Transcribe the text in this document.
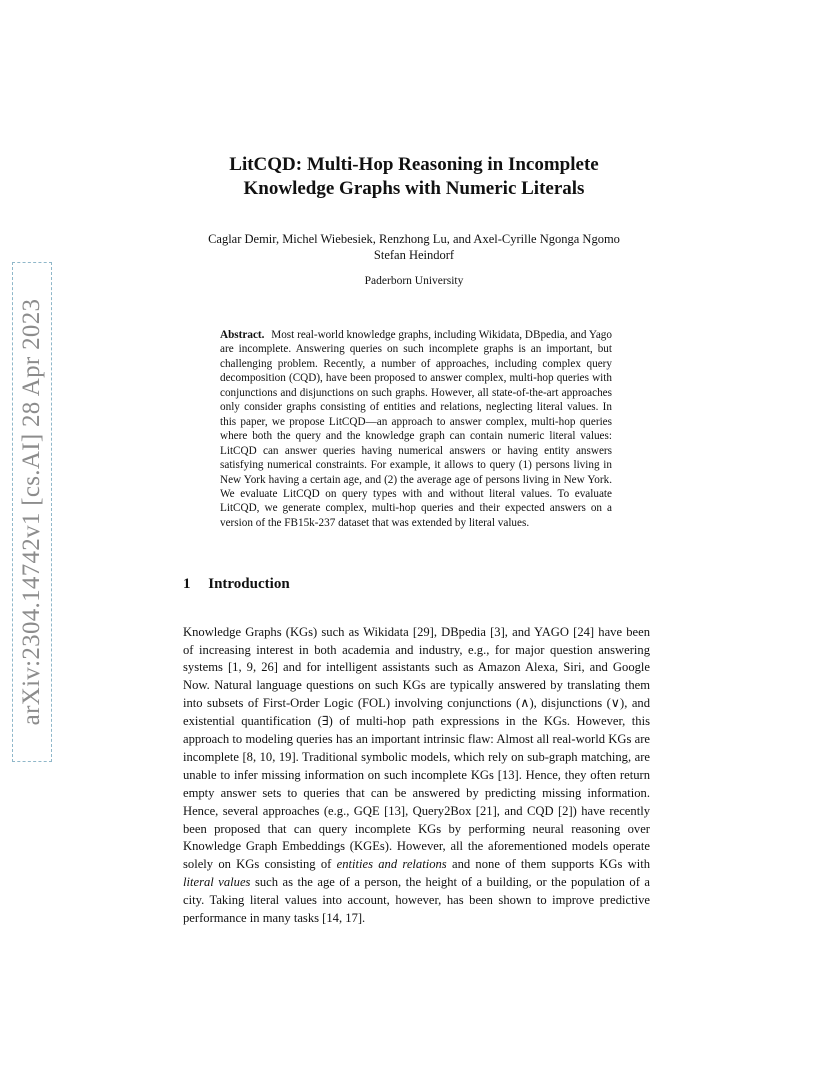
arXiv:2304.14742v1 [cs.AI] 28 Apr 2023
LitCQD: Multi-Hop Reasoning in Incomplete
Knowledge Graphs with Numeric Literals
Caglar Demir, Michel Wiebesiek, Renzhong Lu, and Axel-Cyrille Ngonga Ngomo
Stefan Heindorf
Paderborn University
Abstract. Most real-world knowledge graphs, including Wikidata, DBpedia, and Yago are incomplete. Answering queries on such incomplete graphs is an important, but challenging problem. Recently, a number of approaches, including complex query decomposition (CQD), have been proposed to answer complex, multi-hop queries with conjunctions and disjunctions on such graphs. However, all state-of-the-art approaches only consider graphs consisting of entities and relations, neglecting literal values. In this paper, we propose LitCQD—an approach to answer complex, multi-hop queries where both the query and the knowledge graph can contain numeric literal values: LitCQD can answer queries having numerical answers or having entity answers satisfying numerical constraints. For example, it allows to query (1) persons living in New York having a certain age, and (2) the average age of persons living in New York. We evaluate LitCQD on query types with and without literal values. To evaluate LitCQD, we generate complex, multi-hop queries and their expected answers on a version of the FB15k-237 dataset that was extended by literal values.
1 Introduction

Knowledge Graphs (KGs) such as Wikidata [29], DBpedia [3], and YAGO [24] have been of increasing interest in both academia and industry, e.g., for major question answering systems [1, 9, 26] and for intelligent assistants such as Amazon Alexa, Siri, and Google Now. Natural language questions on such KGs are typically answered by translating them into subsets of First-Order Logic (FOL) involving conjunctions (∧), disjunctions (∨), and existential quantification (∃) of multi-hop path expressions in the KGs. However, this approach to modeling queries has an important intrinsic flaw: Almost all real-world KGs are incomplete [8, 10, 19]. Traditional symbolic models, which rely on sub-graph matching, are unable to infer missing information on such incomplete KGs [13]. Hence, they often return empty answer sets to queries that can be answered by predicting missing information. Hence, several approaches (e.g., GQE [13], Query2Box [21], and CQD [2]) have recently been proposed that can query incomplete KGs by performing neural reasoning over Knowledge Graph Embeddings (KGEs). However, all the aforementioned models operate solely on KGs consisting of entities and relations and none of them supports KGs with literal values such as the age of a person, the height of a building, or the population of a city. Taking literal values into account, however, has been shown to improve predictive performance in many tasks [14, 17].
